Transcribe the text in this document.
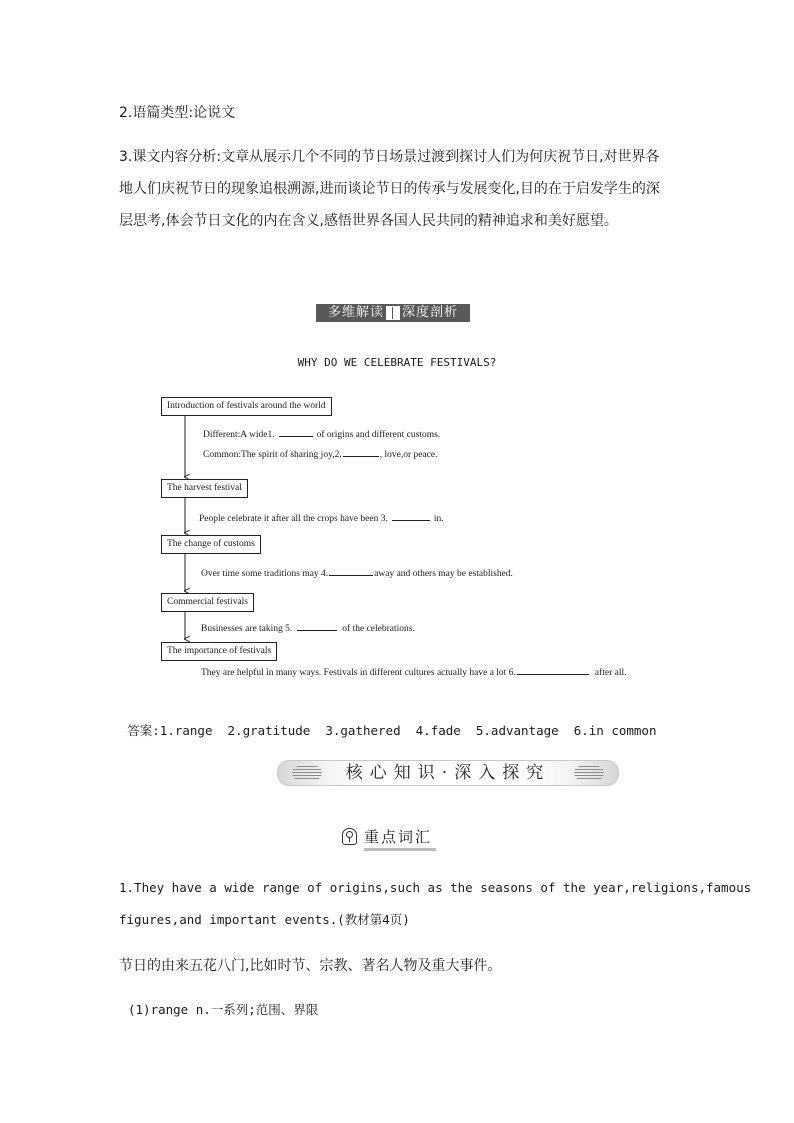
2.语篇类型:论说文
3.课文内容分析:文章从展示几个不同的节日场景过渡到探讨人们为何庆祝节日,对世界各
地人们庆祝节日的现象追根溯源,进而谈论节日的传承与发展变化,目的在于启发学生的深
层思考,体会节日文化的内在含义,感悟世界各国人民共同的精神追求和美好愿望。
多维解读 深度剖析
WHY DO WE CELEBRATE FESTIVALS?
Introduction of festivals around the world
The harvest festival
The change of customs
Commercial festivals
The importance of festivals
Different:A wide1.	of origins and different customs.
Common:The spirit of sharing joy,2.	, love,or peace.
People celebrate it after all the crops have been 3.	in.
Over time some traditions may 4.	away and others may be established.
Businesses are taking 5.	of the celebrations.
They are helpful in many ways. Festivals in different cultures actually have a lot 6.	after all.

答案:1.range  2.gratitude  3.gathered  4.fade  5.advantage  6.in common

核心知识·深入探究
重点词汇
1.They have a wide range of origins,such as the seasons of the year,religions,famous
figures,and important events.(教材第4页)
节日的由来五花八门,比如时节、宗教、著名人物及重大事件。
(1)range n.一系列;范围、界限
